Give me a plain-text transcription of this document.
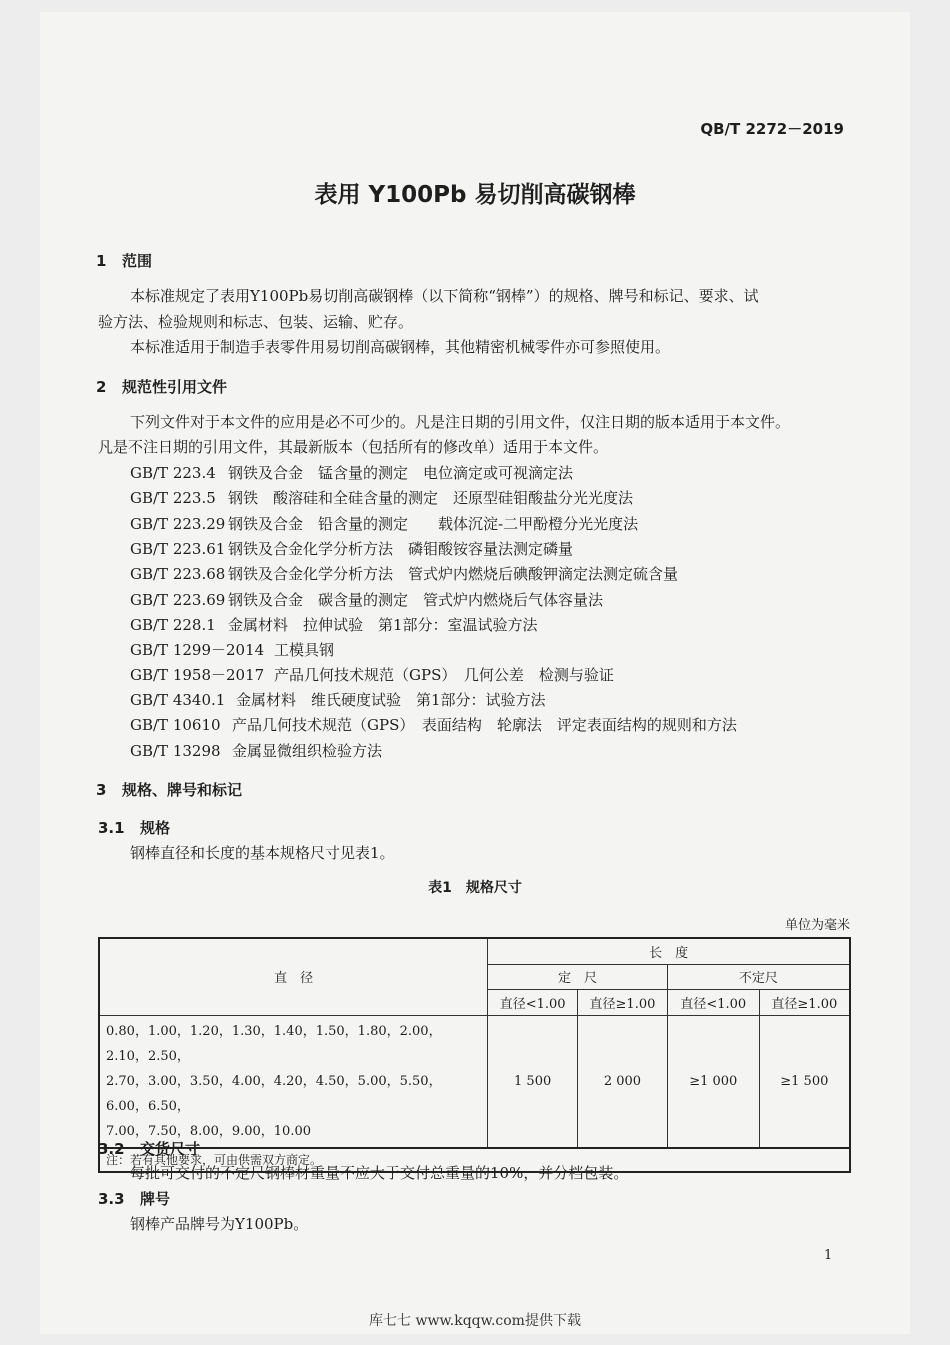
QB/T 2272－2019
表用 Y100Pb 易切削高碳钢棒
1 范围
本标准规定了表用Y100Pb易切削高碳钢棒（以下简称“钢棒”）的规格、牌号和标记、要求、试
验方法、检验规则和标志、包装、运输、贮存。
本标准适用于制造手表零件用易切削高碳钢棒，其他精密机械零件亦可参照使用。
2 规范性引用文件
下列文件对于本文件的应用是必不可少的。凡是注日期的引用文件，仅注日期的版本适用于本文件。
凡是不注日期的引用文件，其最新版本（包括所有的修改单）适用于本文件。
GB/T 223.4 钢铁及合金　锰含量的测定　电位滴定或可视滴定法
GB/T 223.5 钢铁　酸溶硅和全硅含量的测定　还原型硅钼酸盐分光光度法
GB/T 223.29 钢铁及合金　铅含量的测定　　载体沉淀-二甲酚橙分光光度法
GB/T 223.61 钢铁及合金化学分析方法　磷钼酸铵容量法测定磷量
GB/T 223.68 钢铁及合金化学分析方法　管式炉内燃烧后碘酸钾滴定法测定硫含量
GB/T 223.69 钢铁及合金　碳含量的测定　管式炉内燃烧后气体容量法
GB/T 228.1 金属材料　拉伸试验　第1部分：室温试验方法
GB/T 1299－2014 工模具钢
GB/T 1958－2017 产品几何技术规范（GPS）　几何公差　检测与验证
GB/T 4340.1 金属材料　维氏硬度试验　第1部分：试验方法
GB/T 10610 产品几何技术规范（GPS）　表面结构　轮廓法　评定表面结构的规则和方法
GB/T 13298 金属显微组织检验方法
3 规格、牌号和标记
3.1 规格
钢棒直径和长度的基本规格尺寸见表1。
表1　规格尺寸
单位为毫米
直　径	长　度			
	定　尺		不定尺	
	直径<1.00	直径≥1.00	直径<1.00	直径≥1.00

0.80，1.00，1.20，1.30，1.40，1.50，1.80，2.00，2.10，2.50，
2.70，3.00，3.50，4.00，4.20，4.50，5.00，5.50，6.00，6.50，
7.00，7.50，8.00，9.00，10.00	1 500	2 000	≥1 000	≥1 500
注：若有其他要求，可由供需双方商定。				
3.2 交货尺寸
每批可交付的不定尺钢棒材重量不应大于交付总重量的10%，并分档包装。
3.3 牌号
钢棒产品牌号为Y100Pb。
1
库七七 www.kqqw.com提供下载
